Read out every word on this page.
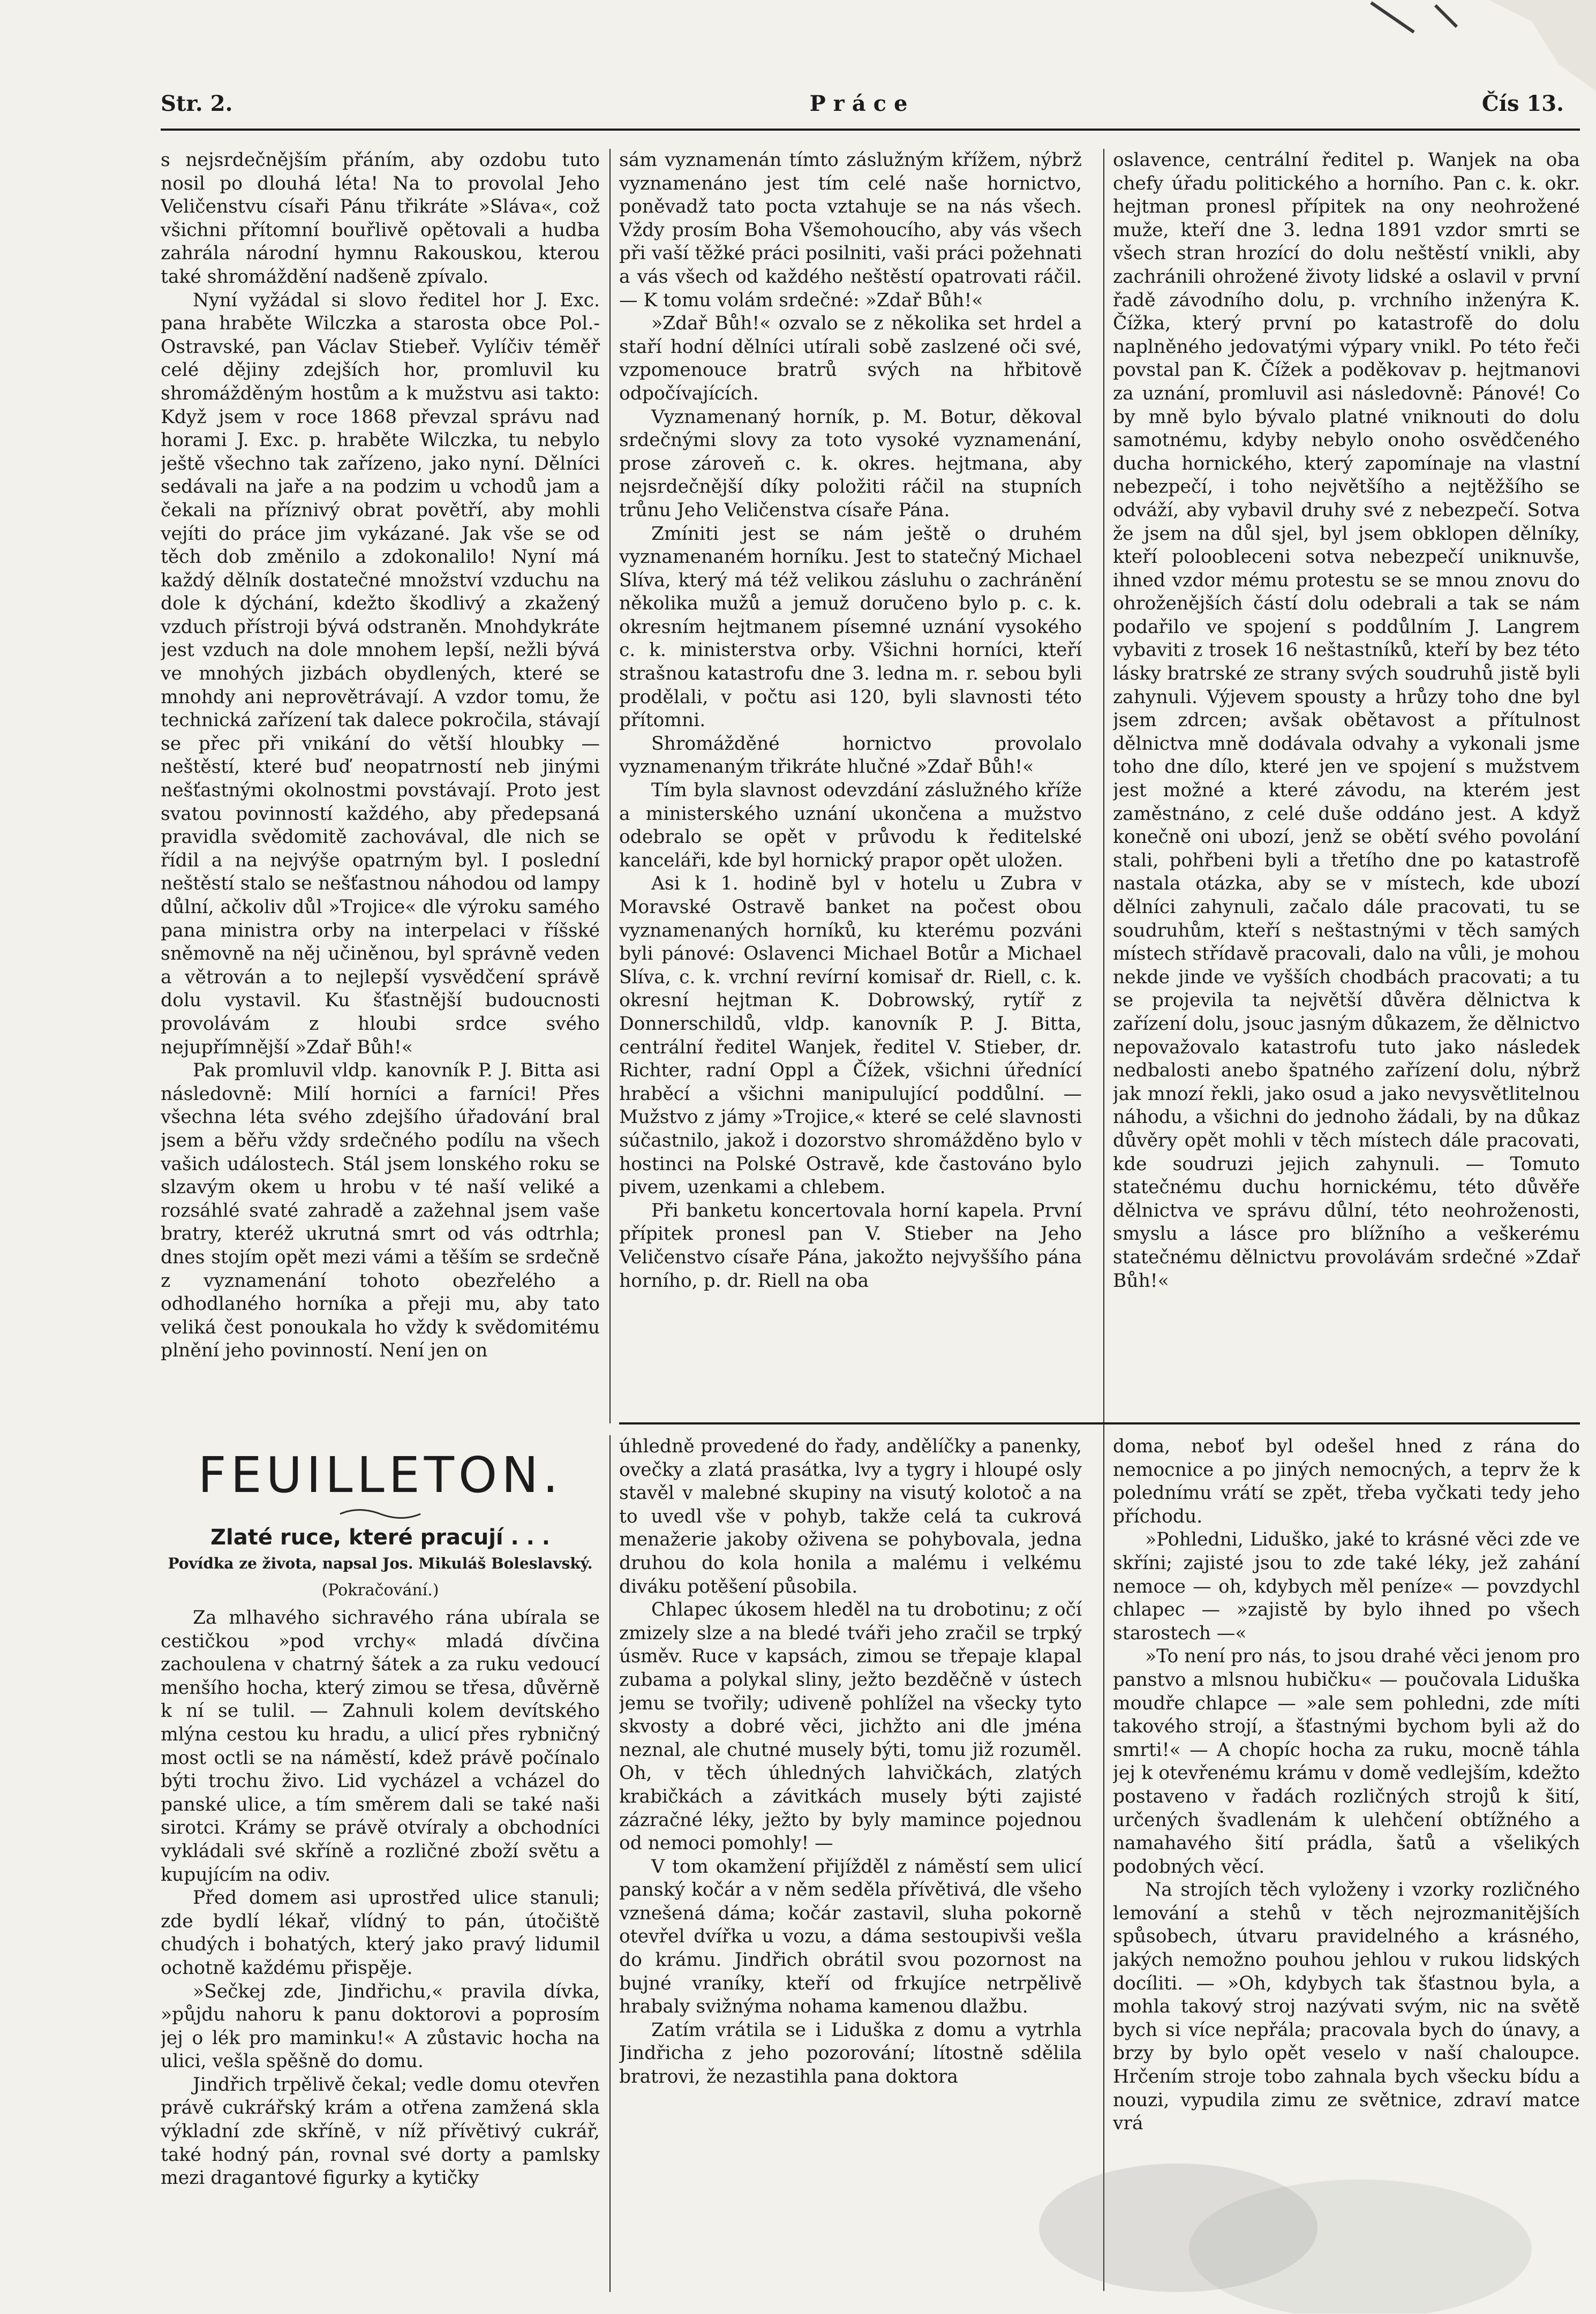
Str. 2.	Práce	Čís 13.

s nejsrdečnějším přáním, aby ozdobu tuto nosil po dlouhá léta! Na to provolal Jeho Veličenstvu císaři Pánu třikráte »Sláva«, což všichni přítomní bouřlivě opětovali a hudba zahrála národní hymnu Rakouskou, kterou také shromáždění nadšeně zpívalo.

Nyní vyžádal si slovo ředitel hor J. Exc. pana hraběte Wilczka a starosta obce Pol.-Ostravské, pan Václav Stiebeř. Vylíčiv téměř celé dějiny zdejších hor, promluvil ku shromážděným hostům a k mužstvu asi takto: Když jsem v roce 1868 převzal správu nad horami J. Exc. p. hraběte Wilczka, tu nebylo ještě všechno tak zařízeno, jako nyní. Dělníci sedávali na jaře a na podzim u vchodů jam a čekali na příznivý obrat povětří, aby mohli vejíti do práce jim vykázané. Jak vše se od těch dob změnilo a zdokonalilo! Nyní má každý dělník dostatečné množství vzduchu na dole k dýchání, kdežto škodlivý a zkažený vzduch přístroji bývá odstraněn. Mnohdykráte jest vzduch na dole mnohem lepší, nežli bývá ve mnohých jizbách obydlených, které se mnohdy ani neprovětrávají. A vzdor tomu, že technická zařízení tak dalece pokročila, stávají se přec při vnikání do větší hloubky — neštěstí, které buď neopatrností neb jinými nešťastnými okolnostmi povstávají. Proto jest svatou povinností každého, aby předepsaná pravidla svědomitě zachovával, dle nich se řídil a na nejvýše opatrným byl. I poslední neštěstí stalo se nešťastnou náhodou od lampy důlní, ačkoliv důl »Trojice« dle výroku samého pana ministra orby na interpelaci v říšské sněmovně na něj učiněnou, byl správně veden a větrován a to nejlepší vysvědčení správě dolu vystavil. Ku šťastnější budoucnosti provolávám z hloubi srdce svého nejupřímnější »Zdař Bůh!«

Pak promluvil vldp. kanovník P. J. Bitta asi následovně: Milí horníci a farníci! Přes všechna léta svého zdejšího úřadování bral jsem a běřu vždy srdečného podílu na všech vašich událostech. Stál jsem lonského roku se slzavým okem u hrobu v té naší veliké a rozsáhlé svaté zahradě a zažehnal jsem vaše bratry, kteréž ukrutná smrt od vás odtrhla; dnes stojím opět mezi vámi a těším se srdečně z vyznamenání tohoto obezřelého a odhodlaného horníka a přeji mu, aby tato veliká čest ponoukala ho vždy k svědomitému plnění jeho povinností. Není jen on

sám vyznamenán tímto záslužným křížem, nýbrž vyznamenáno jest tím celé naše hornictvo, poněvadž tato pocta vztahuje se na nás všech. Vždy prosím Boha Všemohoucího, aby vás všech při vaší těžké práci posilniti, vaši práci požehnati a vás všech od každého neštěstí opatrovati ráčil. — K tomu volám srdečné: »Zdař Bůh!«

»Zdař Bůh!« ozvalo se z několika set hrdel a staří hodní dělníci utírali sobě zaslzené oči své, vzpomenouce bratrů svých na hřbitově odpočívajících.

Vyznamenaný horník, p. M. Botur, děkoval srdečnými slovy za toto vysoké vyznamenání, prose zároveň c. k. okres. hejtmana, aby nejsrdečnější díky položiti ráčil na stupních trůnu Jeho Veličenstva císaře Pána.

Zmíniti jest se nám ještě o druhém vyznamenaném horníku. Jest to statečný Michael Slíva, který má též velikou zásluhu o zachránění několika mužů a jemuž doručeno bylo p. c. k. okresním hejtmanem písemné uznání vysokého c. k. ministerstva orby. Všichni horníci, kteří strašnou katastrofu dne 3. ledna m. r. sebou byli prodělali, v počtu asi 120, byli slavnosti této přítomni.

Shromážděné hornictvo provolalo vyznamenaným třikráte hlučné »Zdař Bůh!«

Tím byla slavnost odevzdání záslužného kříže a ministerského uznání ukončena a mužstvo odebralo se opět v průvodu k ředitelské kanceláři, kde byl hornický prapor opět uložen.

Asi k 1. hodině byl v hotelu u Zubra v Moravské Ostravě banket na počest obou vyznamenaných horníků, ku kterému pozváni byli pánové: Oslavenci Michael Botůr a Michael Slíva, c. k. vrchní revírní komisař dr. Riell, c. k. okresní hejtman K. Dobrowský, rytíř z Donnerschildů, vldp. kanovník P. J. Bitta, centrální ředitel Wanjek, ředitel V. Stieber, dr. Richter, radní Oppl a Čížek, všichni úřednící hraběcí a všichni manipulující poddůlní. — Mužstvo z jámy »Trojice,« které se celé slavnosti súčastnilo, jakož i dozorstvo shromážděno bylo v hostinci na Polské Ostravě, kde častováno bylo pivem, uzenkami a chlebem.

Při banketu koncertovala horní kapela. První přípitek pronesl pan V. Stieber na Jeho Veličenstvo císaře Pána, jakožto nejvyššího pána horního, p. dr. Riell na oba

oslavence, centrální ředitel p. Wanjek na oba chefy úřadu politického a horního. Pan c. k. okr. hejtman pronesl přípitek na ony neohrožené muže, kteří dne 3. ledna 1891 vzdor smrti se všech stran hrozící do dolu neštěstí vnikli, aby zachránili ohrožené životy lidské a oslavil v první řadě závodního dolu, p. vrchního inženýra K. Čížka, který první po katastrofě do dolu naplněného jedovatými výpary vnikl. Po této řeči povstal pan K. Čížek a poděkovav p. hejtmanovi za uznání, promluvil asi následovně: Pánové! Co by mně bylo bývalo platné vniknouti do dolu samotnému, kdyby nebylo onoho osvědčeného ducha hornického, který zapomínaje na vlastní nebezpečí, i toho největšího a nejtěžšího se odváží, aby vybavil druhy své z nebezpečí. Sotva že jsem na důl sjel, byl jsem obklopen dělníky, kteří poloobleceni sotva nebezpečí uniknuvše, ihned vzdor mému protestu se se mnou znovu do ohroženějších částí dolu odebrali a tak se nám podařilo ve spojení s poddůlním J. Langrem vybaviti z trosek 16 neštastníků, kteří by bez této lásky bratrské ze strany svých soudruhů jistě byli zahynuli. Výjevem spousty a hrůzy toho dne byl jsem zdrcen; avšak obětavost a přítulnost dělnictva mně dodávala odvahy a vykonali jsme toho dne dílo, které jen ve spojení s mužstvem jest možné a které závodu, na kterém jest zaměstnáno, z celé duše oddáno jest. A když konečně oni ubozí, jenž se obětí svého povolání stali, pohřbeni byli a třetího dne po katastrofě nastala otázka, aby se v místech, kde ubozí dělníci zahynuli, začalo dále pracovati, tu se soudruhům, kteří s neštastnými v těch samých místech střídavě pracovali, dalo na vůli, je mohou nekde jinde ve vyšších chodbách pracovati; a tu se projevila ta největší důvěra dělnictva k zařízení dolu, jsouc jasným důkazem, že dělnictvo nepovažovalo katastrofu tuto jako následek nedbalosti anebo špatného zařízení dolu, nýbrž jak mnozí řekli, jako osud a jako nevysvětlitelnou náhodu, a všichni do jednoho žádali, by na důkaz důvěry opět mohli v těch místech dále pracovati, kde soudruzi jejich zahynuli. — Tomuto statečnému duchu hornickému, této důvěře dělnictva ve správu důlní, této neohroženosti, smyslu a lásce pro blížního a veškerému statečnému dělnictvu provolávám srdečné »Zdař Bůh!«

FEUILLETON.
Zlaté ruce, které pracují . . .
Povídka ze života, napsal Jos. Mikuláš Boleslavský.
(Pokračování.)

Za mlhavého sichravého rána ubírala se cestičkou »pod vrchy« mladá dívčina zachoulena v chatrný šátek a za ruku vedoucí menšího hocha, který zimou se třesa, důvěrně k ní se tulil. — Zahnuli kolem devítského mlýna cestou ku hradu, a ulicí přes rybničný most octli se na náměstí, kdež právě počínalo býti trochu živo. Lid vycházel a vcházel do panské ulice, a tím směrem dali se také naši sirotci. Krámy se právě otvíraly a obchodníci vykládali své skříně a rozličné zboží světu a kupujícím na odiv.

Před domem asi uprostřed ulice stanuli; zde bydlí lékař, vlídný to pán, útočiště chudých i bohatých, který jako pravý lidumil ochotně každému přispěje.

»Sečkej zde, Jindřichu,« pravila dívka, »půjdu nahoru k panu doktorovi a poprosím jej o lék pro maminku!« A zůstavic hocha na ulici, vešla spěšně do domu.

Jindřich trpělivě čekal; vedle domu otevřen právě cukrářský krám a otřena zamžená skla výkladní zde skříně, v níž přívětivý cukrář, také hodný pán, rovnal své dorty a pamlsky mezi dragantové figurky a kytičky

úhledně provedené do řady, andělíčky a panenky, ovečky a zlatá prasátka, lvy a tygry i hloupé osly stavěl v malebné skupiny na visutý kolotoč a na to uvedl vše v pohyb, takže celá ta cukrová menažerie jakoby oživena se pohybovala, jedna druhou do kola honila a malému i velkému diváku potěšení působila.

Chlapec úkosem hleděl na tu drobotinu; z očí zmizely slze a na bledé tváři jeho zračil se trpký úsměv. Ruce v kapsách, zimou se třepaje klapal zubama a polykal sliny, ježto bezděčně v ústech jemu se tvořily; udiveně pohlížel na všecky tyto skvosty a dobré věci, jichžto ani dle jména neznal, ale chutné musely býti, tomu již rozuměl. Oh, v těch úhledných lahvičkách, zlatých krabičkách a závitkách musely býti zajisté zázračné léky, ježto by byly mamince pojednou od nemoci pomohly! —

V tom okamžení přijížděl z náměstí sem ulicí panský kočár a v něm seděla přívětivá, dle všeho vznešená dáma; kočár zastavil, sluha pokorně otevřel dvířka u vozu, a dáma sestoupivši vešla do krámu. Jindřich obrátil svou pozornost na bujné vraníky, kteří od frkujíce netrpělivě hrabaly svižnýma nohama kamenou dlažbu.

Zatím vrátila se i Liduška z domu a vytrhla Jindřicha z jeho pozorování; lítostně sdělila bratrovi, že nezastihla pana doktora

doma, neboť byl odešel hned z rána do nemocnice a po jiných nemocných, a teprv že k polednímu vrátí se zpět, třeba vyčkati tedy jeho příchodu.

»Pohledni, Liduško, jaké to krásné věci zde ve skříni; zajisté jsou to zde také léky, jež zahání nemoce — oh, kdybych měl peníze« — povzdychl chlapec — »zajistě by bylo ihned po všech starostech —«

»To není pro nás, to jsou drahé věci jenom pro panstvo a mlsnou hubičku« — poučovala Liduška moudře chlapce — »ale sem pohledni, zde míti takového strojí, a šťastnými bychom byli až do smrti!« — A chopíc hocha za ruku, mocně táhla jej k otevřenému krámu v domě vedlejším, kdežto postaveno v řadách rozličných strojů k šití, určených švadlenám k ulehčení obtížného a namahavého šití prádla, šatů a všelikých podobných věcí.

Na strojích těch vyloženy i vzorky rozličného lemování a stehů v těch nejrozmanitějších spůsobech, útvaru pravidelného a krásného, jakých nemožno pouhou jehlou v rukou lidských docíliti. — »Oh, kdybych tak šťastnou byla, a mohla takový stroj nazývati svým, nic na světě bych si více nepřála; pracovala bych do únavy, a brzy by bylo opět veselo v naší chaloupce. Hrčením stroje tobo zahnala bych všecku bídu a nouzi, vypudila zimu ze světnice, zdraví matce vrá
